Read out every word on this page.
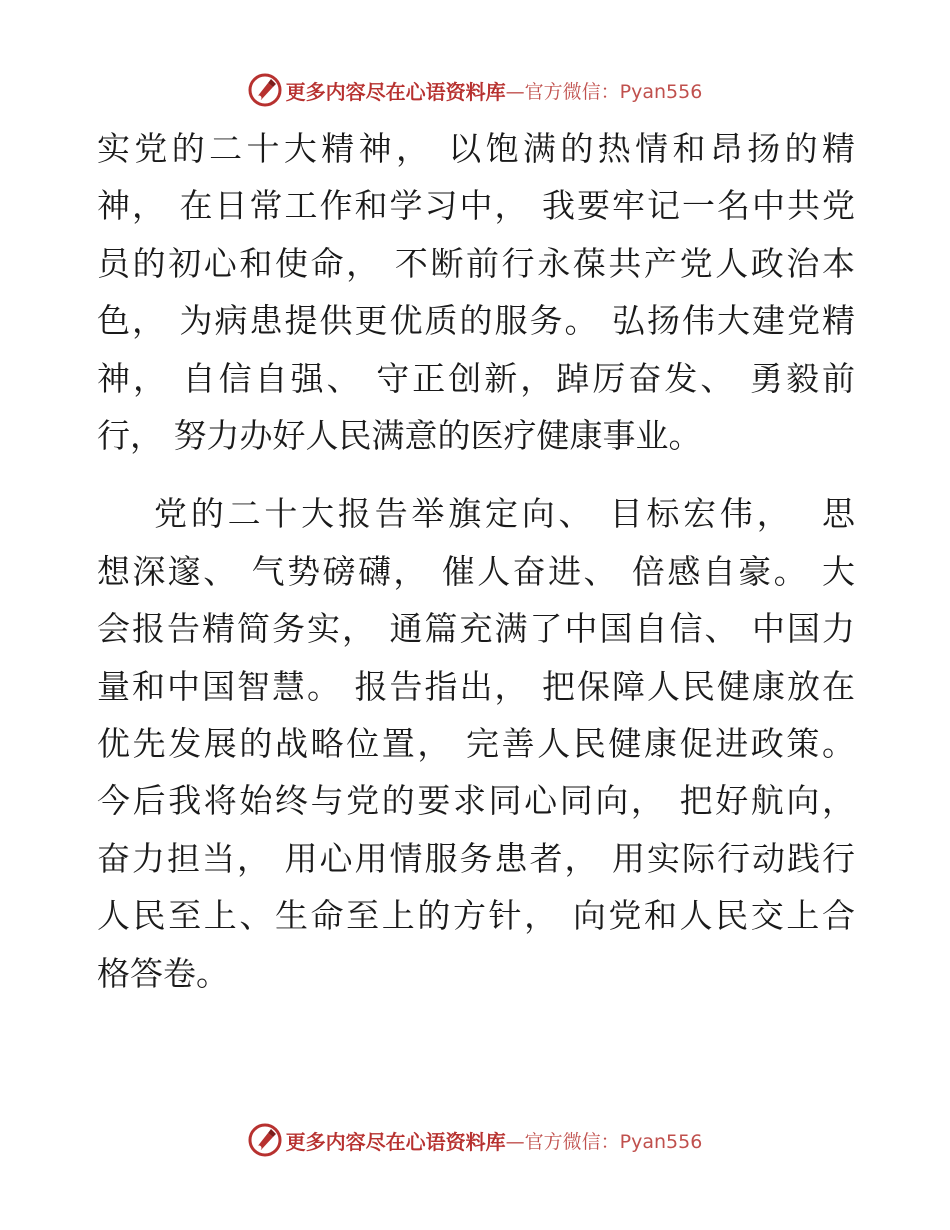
更多内容尽在心语资料库 —官方微信：Pyan556

实党的二十大精神， 以饱满的热情和昂扬的精
神， 在日常工作和学习中， 我要牢记一名中共党
员的初心和使命， 不断前行永葆共产党人政治本
色， 为病患提供更优质的服务。 弘扬伟大建党精
神， 自信自强、 守正创新，踔厉奋发、 勇毅前
行， 努力办好人民满意的医疗健康事业。

党的二十大报告举旗定向、 目标宏伟，  思
想深邃、 气势磅礴， 催人奋进、 倍感自豪。 大
会报告精简务实， 通篇充满了中国自信、 中国力
量和中国智慧。 报告指出， 把保障人民健康放在
优先发展的战略位置， 完善人民健康促进政策。
今后我将始终与党的要求同心同向， 把好航向，
奋力担当， 用心用情服务患者， 用实际行动践行
人民至上、生命至上的方针， 向党和人民交上合
格答卷。

更多内容尽在心语资料库 —官方微信：Pyan556
